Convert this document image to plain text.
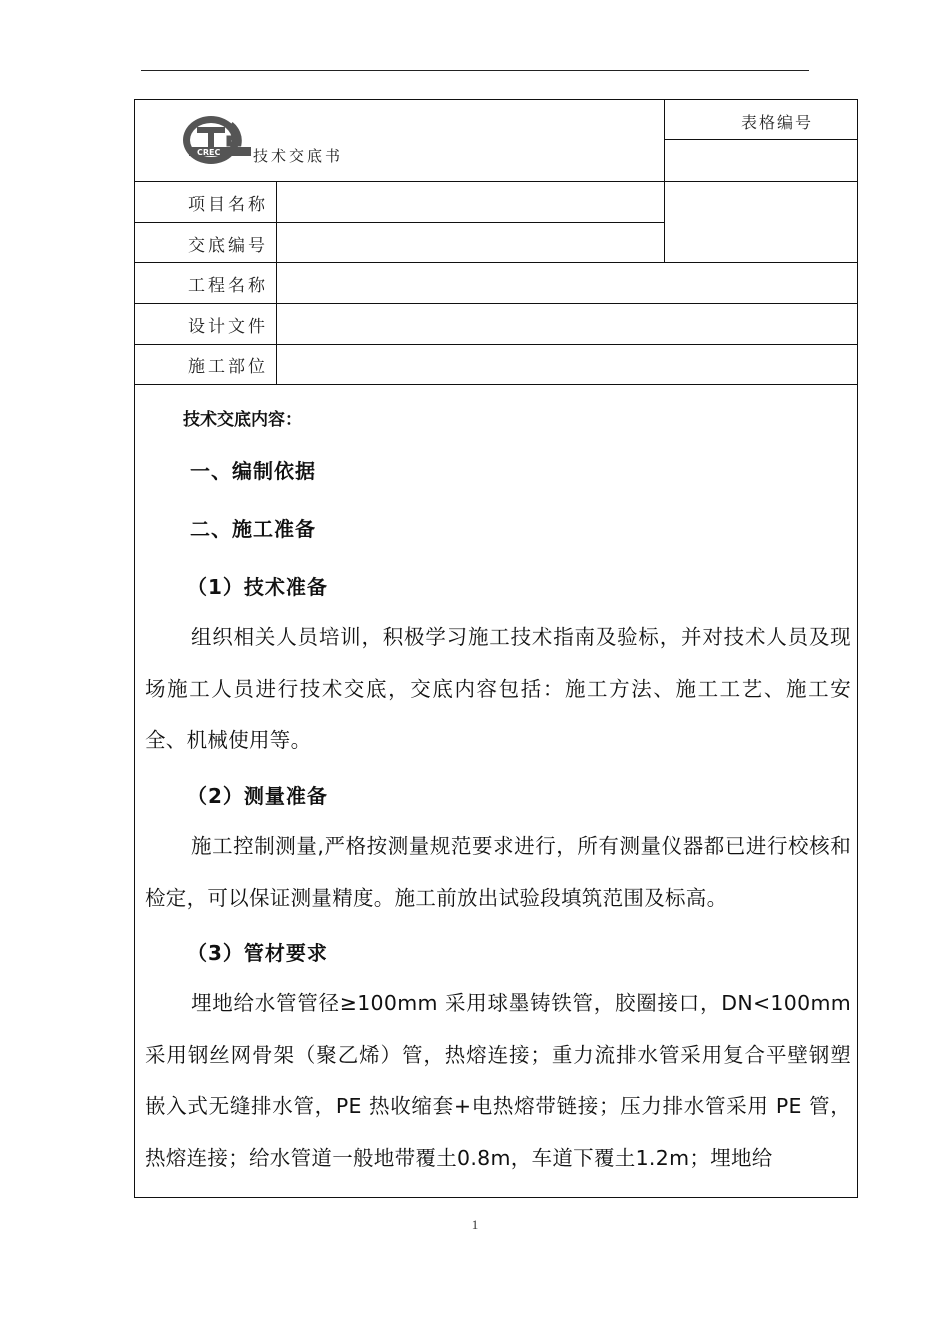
CREC 技术交底书
表格编号
项目名称
交底编号
工程名称
设计文件
施工部位
技术交底内容：
一、编制依据
二、施工准备
（1）技术准备
组织相关人员培训，积极学习施工技术指南及验标，并对技术人员及现场施工人员进行技术交底，交底内容包括：施工方法、施工工艺、施工安全、机械使用等。
（2）测量准备
施工控制测量,严格按测量规范要求进行，所有测量仪器都已进行校核和检定，可以保证测量精度。施工前放出试验段填筑范围及标高。
（3）管材要求
埋地给水管管径≥100mm 采用球墨铸铁管，胶圈接口，DN<100mm 采用钢丝网骨架（聚乙烯）管，热熔连接；重力流排水管采用复合平壁钢塑嵌入式无缝排水管，PE 热收缩套+电热熔带链接；压力排水管采用 PE 管，热熔连接；给水管道一般地带覆土0.8m，车道下覆土1.2m；埋地给
1
